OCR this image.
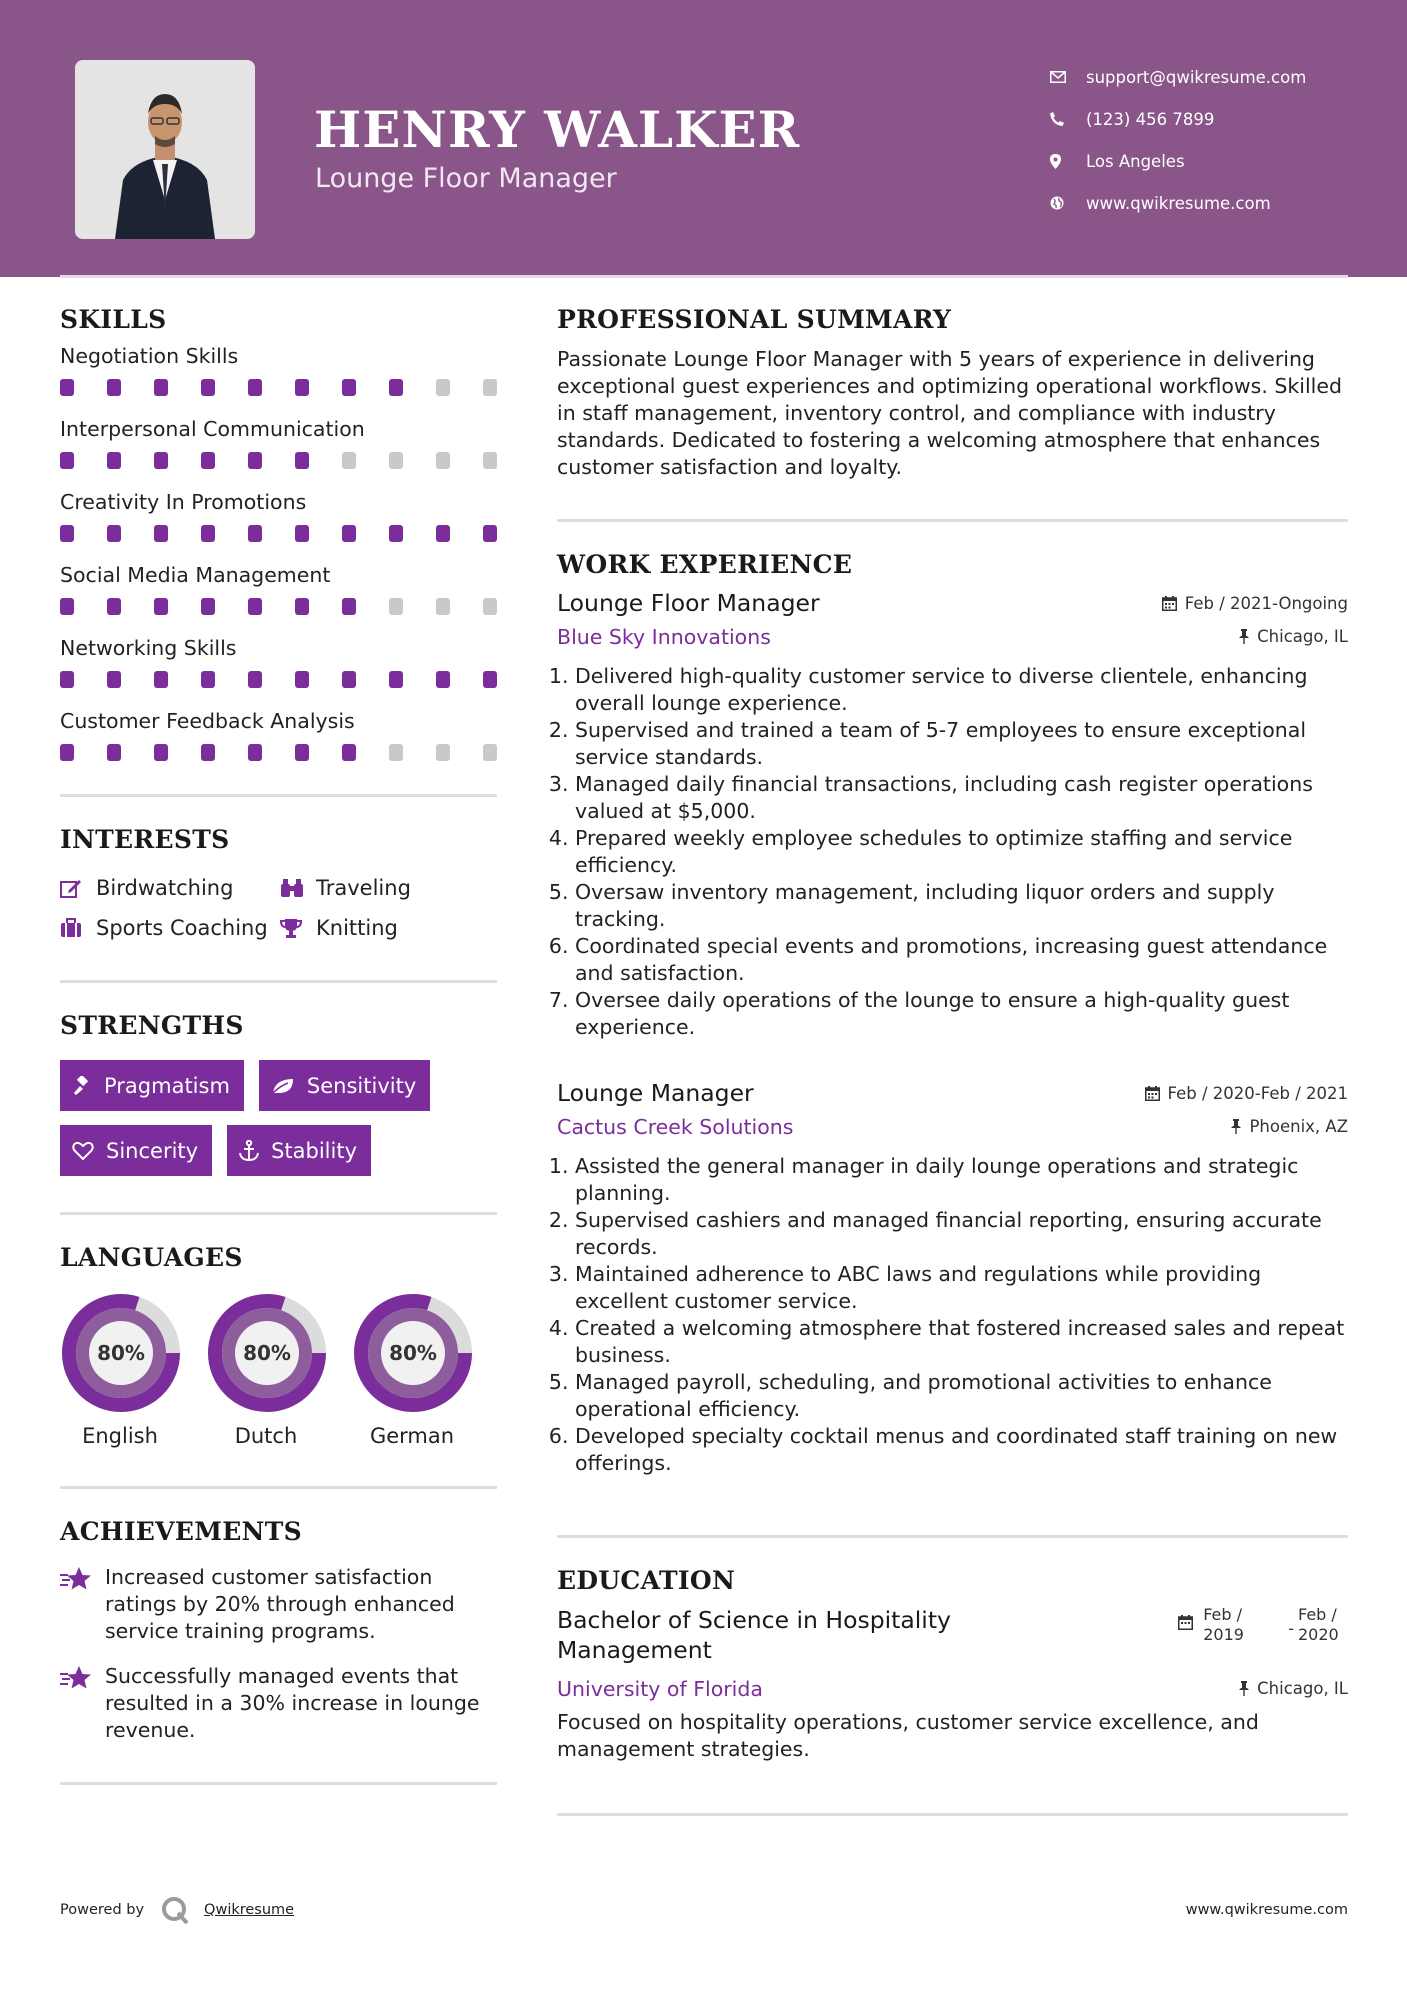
HENRY WALKER
Lounge Floor Manager
support@qwikresume.com
(123) 456 7899
Los Angeles
www.qwikresume.com
SKILLS
Negotiation Skills
Interpersonal Communication
Creativity In Promotions
Social Media Management
Networking Skills
Customer Feedback Analysis
INTERESTS
Birdwatching	Traveling
Sports Coaching Knitting
STRENGTHS
Pragmatism	Sensitivity
Sincerity	Stability
LANGUAGES
80%
English
80%
Dutch
80%
German
ACHIEVEMENTS
Increased customer satisfaction ratings by 20% through enhanced service training programs.
Successfully managed events that resulted in a 30% increase in lounge revenue.
PROFESSIONAL SUMMARY

Passionate Lounge Floor Manager with 5 years of experience in delivering exceptional guest experiences and optimizing operational workflows. Skilled in staff management, inventory control, and compliance with industry standards. Dedicated to fostering a welcoming atmosphere that enhances customer satisfaction and loyalty.

WORK EXPERIENCE
Lounge Floor Manager	Feb / 2021-Ongoing
Blue Sky Innovations	Chicago, IL
1. Delivered high-quality customer service to diverse clientele, enhancing overall lounge experience.
2. Supervised and trained a team of 5-7 employees to ensure exceptional service standards.
3. Managed daily financial transactions, including cash register operations valued at $5,000.
4. Prepared weekly employee schedules to optimize staffing and service efficiency.
5. Oversaw inventory management, including liquor orders and supply tracking.
6. Coordinated special events and promotions, increasing guest attendance and satisfaction.
7. Oversee daily operations of the lounge to ensure a high-quality guest experience.
Lounge Manager	Feb / 2020-Feb / 2021
Cactus Creek Solutions	Phoenix, AZ
1. Assisted the general manager in daily lounge operations and strategic planning.
2. Supervised cashiers and managed financial reporting, ensuring accurate records.
3. Maintained adherence to ABC laws and regulations while providing excellent customer service.
4. Created a welcoming atmosphere that fostered increased sales and repeat business.
5. Managed payroll, scheduling, and promotional activities to enhance operational efficiency.
6. Developed specialty cocktail menus and coordinated staff training on new offerings.
EDUCATION
Bachelor of Science in Hospitality Management
Feb / 2019	-
Feb / 2020
University of Florida	Chicago, IL

Focused on hospitality operations, customer service excellence, and management strategies.

Powered by	Qwikresume	www.qwikresume.com
